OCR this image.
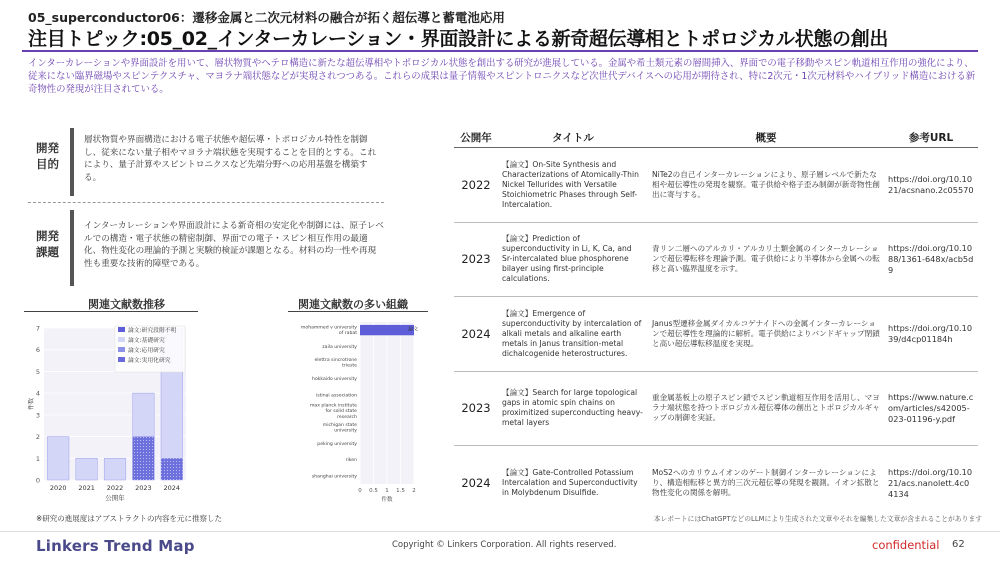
05_superconductor06：遷移金属と二次元材料の融合が拓く超伝導と蓄電池応用
注目トピック:05_02_インターカレーション・界面設計による新奇超伝導相とトポロジカル状態の創出
インターカレーションや界面設計を用いて、層状物質やヘテロ構造に新たな超伝導相やトポロジカル状態を創出する研究が進展している。金属や希土類元素の層間挿入、界面での電子移動やスピン軌道相互作用の強化により、従来にない臨界磁場やスピンテクスチャ、マヨラナ端状態などが実現されつつある。これらの成果は量子情報やスピントロニクスなど次世代デバイスへの応用が期待され、特に2次元・1次元材料やハイブリッド構造における新奇物性の発現が注目されている。
開発目的
層状物質や界面構造における電子状態や超伝導・トポロジカル特性を制御し、従来にない量子相やマヨラナ端状態を実現することを目的とする。これにより、量子計算やスピントロニクスなど先端分野への応用基盤を構築する。
開発課題
インターカレーションや界面設計による新奇相の安定化や制御には、原子レベルでの構造・電子状態の精密制御、界面での電子・スピン相互作用の最適化、物性変化の理論的予測と実験的検証が課題となる。材料の均一性や再現性も重要な技術的障壁である。
関連文献数推移	関連文献数の多い組織
0
1
2
3
4
5
6
7
2020 2021 2022 2023 2024
公開年
件数
論文:研究段階不明
論文:基礎研究
論文:応用研究
論文:実用化研究
0 0.5 1 1.5 2
mohammed v university of rabat
zaila university
elettra sincrotrone trieste
hokkaido university
istinai association
max planck institute for solid state research
michigan state university
peking university
riken
shanghai university
件数
論文
※研究の進展度はアブストラクトの内容を元に推察した	本レポートにはChatGPTなどのLLMにより生成された文章やそれを編集した文章が含まれることがあります
公開年	タイトル	概要	参考URL
2022	【論文】On-Site Synthesis and Characterizations of Atomically-Thin Nickel Tellurides with Versatile Stoichiometric Phases through Self-Intercalation.	NiTe2の自己インターカレーションにより、原子層レベルで新たな相や超伝導性の発現を観察。電子供給や格子歪み制御が新奇物性創出に寄与する。	https://doi.org/10.1021/acsnano.2c05570
2023	【論文】Prediction of superconductivity in Li, K, Ca, and Sr-intercalated blue phosphorene bilayer using first-principle calculations.	青リン二層へのアルカリ・アルカリ土類金属のインターカレーションで超伝導転移を理論予測。電子供給により半導体から金属への転移と高い臨界温度を示す。	https://doi.org/10.1088/1361-648x/acb5d9
2024	【論文】Emergence of superconductivity by intercalation of alkali metals and alkaline earth metals in Janus transition-metal dichalcogenide heterostructures.	Janus型遷移金属ダイカルコゲナイドへの金属インターカレーションで超伝導性を理論的に解析。電子供給によりバンドギャップ閉鎖と高い超伝導転移温度を実現。	https://doi.org/10.1039/d4cp01184h
2023	【論文】Search for large topological gaps in atomic spin chains on proximitized superconducting heavy-metal layers	重金属基板上の原子スピン鎖でスピン軌道相互作用を活用し、マヨラナ端状態を持つトポロジカル超伝導体の創出とトポロジカルギャップの制御を実証。	https://www.nature.com/articles/s42005-023-01196-y.pdf
2024	【論文】Gate-Controlled Potassium Intercalation and Superconductivity in Molybdenum Disulfide.	MoS2へのカリウムイオンのゲート制御インターカレーションにより、構造相転移と異方的三次元超伝導の発現を観測。イオン拡散と物性変化の関係を解明。	https://doi.org/10.1021/acs.nanolett.4c04134
Linkers Trend Map	Copyright © Linkers Corporation. All rights reserved.	confidential 62
